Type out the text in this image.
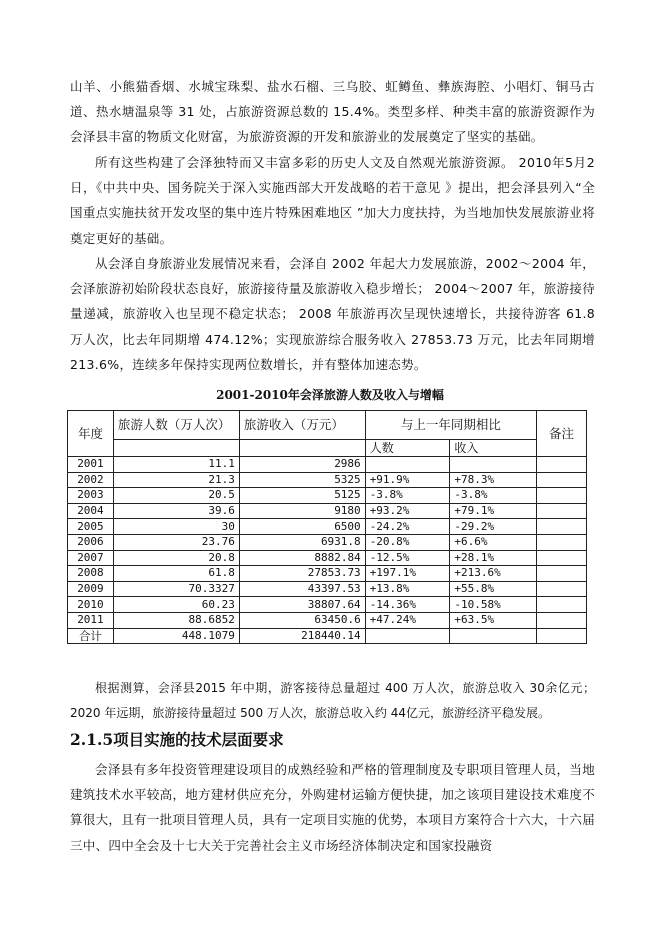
山羊、小熊猫香烟、水城宝珠梨、盐水石榴、三乌胶、虹鳟鱼、彝族海腔、小唱灯、铜马古道、热水塘温泉等 31 处，占旅游资源总数的 15.4%。类型多样、种类丰富的旅游资源作为会泽县丰富的物质文化财富，为旅游资源的开发和旅游业的发展奠定了坚实的基础。

所有这些构建了会泽独特而又丰富多彩的历史人文及自然观光旅游资源。 2010年5月2日，《中共中央、国务院关于深入实施西部大开发战略的若干意见 》提出，把会泽县列入“全国重点实施扶贫开发攻坚的集中连片特殊困难地区 ”加大力度扶持，为当地加快发展旅游业将奠定更好的基础。

从会泽自身旅游业发展情况来看，会泽自 2002 年起大力发展旅游，2002～2004 年，会泽旅游初始阶段状态良好，旅游接待量及旅游收入稳步增长； 2004～2007 年，旅游接待量递减，旅游收入也呈现不稳定状态； 2008 年旅游再次呈现快速增长，共接待游客 61.8 万人次，比去年同期增 474.12%；实现旅游综合服务收入 27853.73 万元，比去年同期增 213.6%，连续多年保持实现两位数增长，并有整体加速态势。

2001-2010年会泽旅游人数及收入与增幅
年度	旅游人数（万人次）	旅游收入（万元）	与上一年同期相比		备注
			人数	收入	
2001	11.1	2986			
2002	21.3	5325	+91.9%	+78.3%	
2003	20.5	5125	-3.8%	-3.8%	
2004	39.6	9180	+93.2%	+79.1%	
2005	30	6500	-24.2%	-29.2%	
2006	23.76	6931.8	-20.8%	+6.6%	
2007	20.8	8882.84	-12.5%	+28.1%	
2008	61.8	27853.73	+197.1%	+213.6%	
2009	70.3327	43397.53	+13.8%	+55.8%	
2010	60.23	38807.64	-14.36%	-10.58%	
2011	88.6852	63450.6	+47.24%	+63.5%	
合计	448.1079	218440.14			

根据测算，会泽县2015 年中期，游客接待总量超过 400 万人次，旅游总收入 30余亿元；2020 年远期，旅游接待量超过 500 万人次，旅游总收入约 44亿元，旅游经济平稳发展。

2.1.5项目实施的技术层面要求

会泽县有多年投资管理建设项目的成熟经验和严格的管理制度及专职项目管理人员，当地建筑技术水平较高，地方建材供应充分，外购建材运输方便快捷，加之该项目建设技术难度不算很大，且有一批项目管理人员，具有一定项目实施的优势，本项目方案符合十六大，十六届三中、四中全会及十七大关于完善社会主义市场经济体制决定和国家投融资
